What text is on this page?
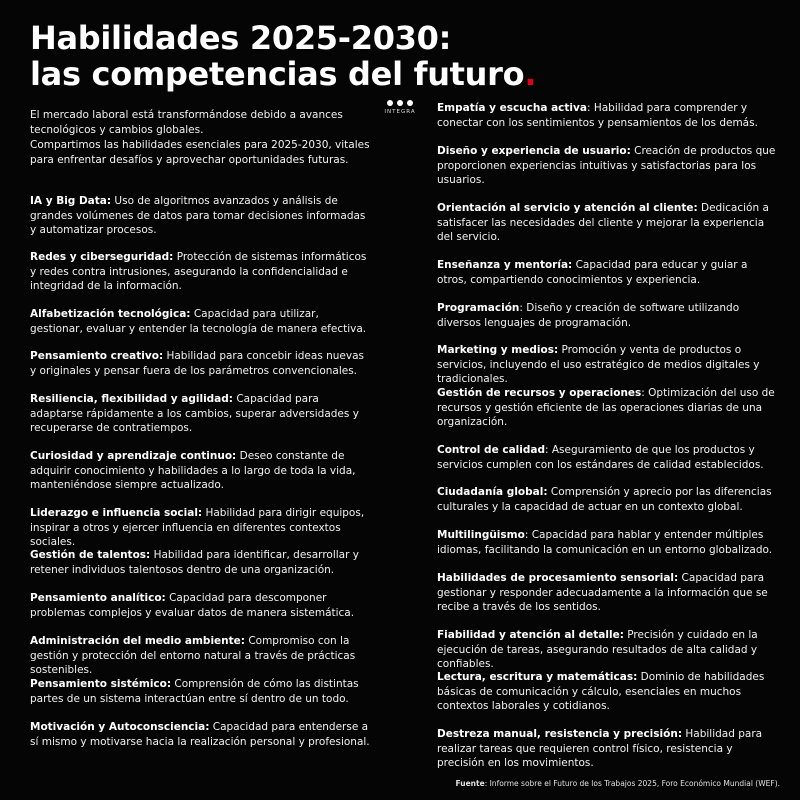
Habilidades 2025-2030:
las competencias del futuro.
El mercado laboral está transformándose debido a avances tecnológicos y cambios globales.
Compartimos las habilidades esenciales para 2025-2030, vitales para enfrentar desafíos y aprovechar oportunidades futuras.
INTEGRA
IA y Big Data: Uso de algoritmos avanzados y análisis de grandes volúmenes de datos para tomar decisiones informadas y automatizar procesos.
Redes y ciberseguridad: Protección de sistemas informáticos y redes contra intrusiones, asegurando la confidencialidad e integridad de la información.
Alfabetización tecnológica: Capacidad para utilizar, gestionar, evaluar y entender la tecnología de manera efectiva.
Pensamiento creativo: Habilidad para concebir ideas nuevas y originales y pensar fuera de los parámetros convencionales.
Resiliencia, flexibilidad y agilidad: Capacidad para adaptarse rápidamente a los cambios, superar adversidades y recuperarse de contratiempos.
Curiosidad y aprendizaje continuo: Deseo constante de adquirir conocimiento y habilidades a lo largo de toda la vida, manteniéndose siempre actualizado.
Liderazgo e influencia social: Habilidad para dirigir equipos, inspirar a otros y ejercer influencia en diferentes contextos sociales.
Gestión de talentos: Habilidad para identificar, desarrollar y retener individuos talentosos dentro de una organización.
Pensamiento analítico: Capacidad para descomponer problemas complejos y evaluar datos de manera sistemática.
Administración del medio ambiente: Compromiso con la gestión y protección del entorno natural a través de prácticas sostenibles.
Pensamiento sistémico: Comprensión de cómo las distintas partes de un sistema interactúan entre sí dentro de un todo.
Motivación y Autoconsciencia: Capacidad para entenderse a sí mismo y motivarse hacia la realización personal y profesional.
Empatía y escucha activa: Habilidad para comprender y conectar con los sentimientos y pensamientos de los demás.
Diseño y experiencia de usuario: Creación de productos que proporcionen experiencias intuitivas y satisfactorias para los usuarios.
Orientación al servicio y atención al cliente: Dedicación a satisfacer las necesidades del cliente y mejorar la experiencia del servicio.
Enseñanza y mentoría: Capacidad para educar y guiar a otros, compartiendo conocimientos y experiencia.
Programación: Diseño y creación de software utilizando diversos lenguajes de programación.
Marketing y medios: Promoción y venta de productos o servicios, incluyendo el uso estratégico de medios digitales y tradicionales.
Gestión de recursos y operaciones: Optimización del uso de recursos y gestión eficiente de las operaciones diarias de una organización.
Control de calidad: Aseguramiento de que los productos y servicios cumplen con los estándares de calidad establecidos.
Ciudadanía global: Comprensión y aprecio por las diferencias culturales y la capacidad de actuar en un contexto global.
Multilingüismo: Capacidad para hablar y entender múltiples idiomas, facilitando la comunicación en un entorno globalizado.
Habilidades de procesamiento sensorial: Capacidad para gestionar y responder adecuadamente a la información que se recibe a través de los sentidos.
Fiabilidad y atención al detalle: Precisión y cuidado en la ejecución de tareas, asegurando resultados de alta calidad y confiables.
Lectura, escritura y matemáticas: Dominio de habilidades básicas de comunicación y cálculo, esenciales en muchos contextos laborales y cotidianos.
Destreza manual, resistencia y precisión: Habilidad para realizar tareas que requieren control físico, resistencia y precisión en los movimientos.
Fuente: Informe sobre el Futuro de los Trabajos 2025, Foro Económico Mundial (WEF).
